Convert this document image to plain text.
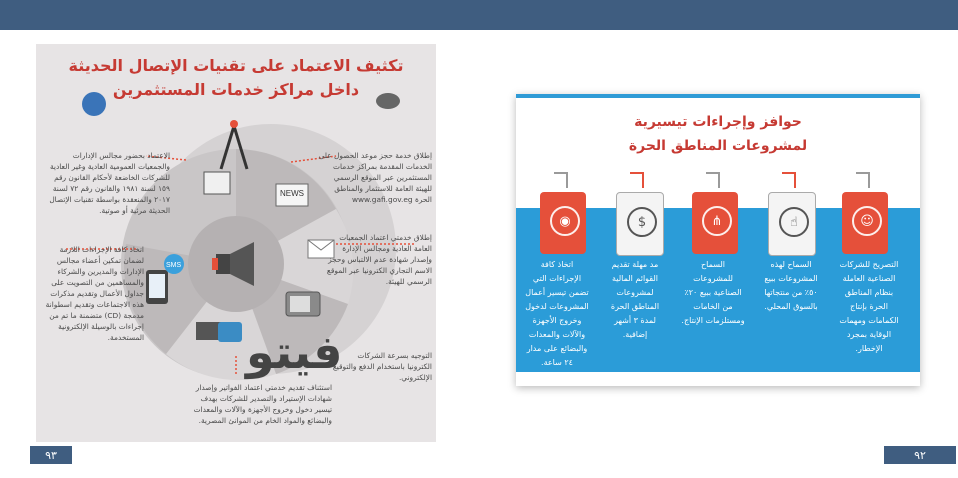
تكثيف الاعتماد على تقنيات الإتصال الحديثة
داخل مراكز خدمات المستثمرين
NEWS
SMS
الاعتماد بحضور مجالس الإدارات والجمعيات العمومية العادية وغير العادية للشركات الخاضعة لأحكام القانون رقم ١٥٩ لسنة ١٩٨١ والقانون رقم ٧٢ لسنة ٢٠١٧ والمنعقدة بواسطة تقنيات الإتصال الحديثة مرئية أو صوتية.
إطلاق خدمة حجز موعد الحصول على الخدمات المقدمة بمراكز خدمات المستثمرين عبر الموقع الرسمي للهيئة العامة للاستثمار والمناطق الحرة www.gafi.gov.eg
اتخاذ كافة الإجراءات اللازمة لضمان تمكين أعضاء مجالس الإدارات والمديرين والشركاء والمساهمين من التصويت على جداول الأعمال وتقديم مذكرات هذه الاجتماعات وتقديم اسطوانة مدمجة (CD) متضمنة ما تم من إجراءات بالوسيلة الإلكترونية المستخدمة.
إطلاق خدمتي اعتماد الجمعيات العامة العادية ومجالس الإدارة وإصدار شهادة عدم الالتباس وحجز الاسم التجاري الكترونيا عبر الموقع الرسمي للهيئة.
استئناف تقديم خدمتي اعتماد الفواتير وإصدار شهادات الإستيراد والتصدير للشركات بهدف تيسير دخول وخروج الأجهزة والآلات والمعدات والبضائع والمواد الخام من الموانئ المصرية.
التوجيه بسرعة الشركات الكترونيا باستخدام الدفع والتوقيع الإلكتروني.
فيتو
٩٣
حوافز وإجراءات تيسيرية
لمشروعات المناطق الحرة
◉	$	⋔	☝	☺
اتخاذ كافة الإجراءات التي تضمن تيسير أعمال المشروعات لدخول وخروج الأجهزة والآلات والمعدات والبضائع على مدار ٢٤ ساعة.
مد مهلة تقديم القوائم المالية لمشروعات المناطق الحرة لمدة ٣ أشهر إضافية.
السماح للمشروعات الصناعية ببيع ٢٠٪ من الخامات ومستلزمات الإنتاج.
السماح لهذه المشروعات ببيع ٥٠٪ من منتجاتها بالسوق المحلي.
التصريح للشركات الصناعية العاملة بنظام المناطق الحرة بإنتاج الكمامات ومهمات الوقاية بمجرد الإخطار.
٩٢
